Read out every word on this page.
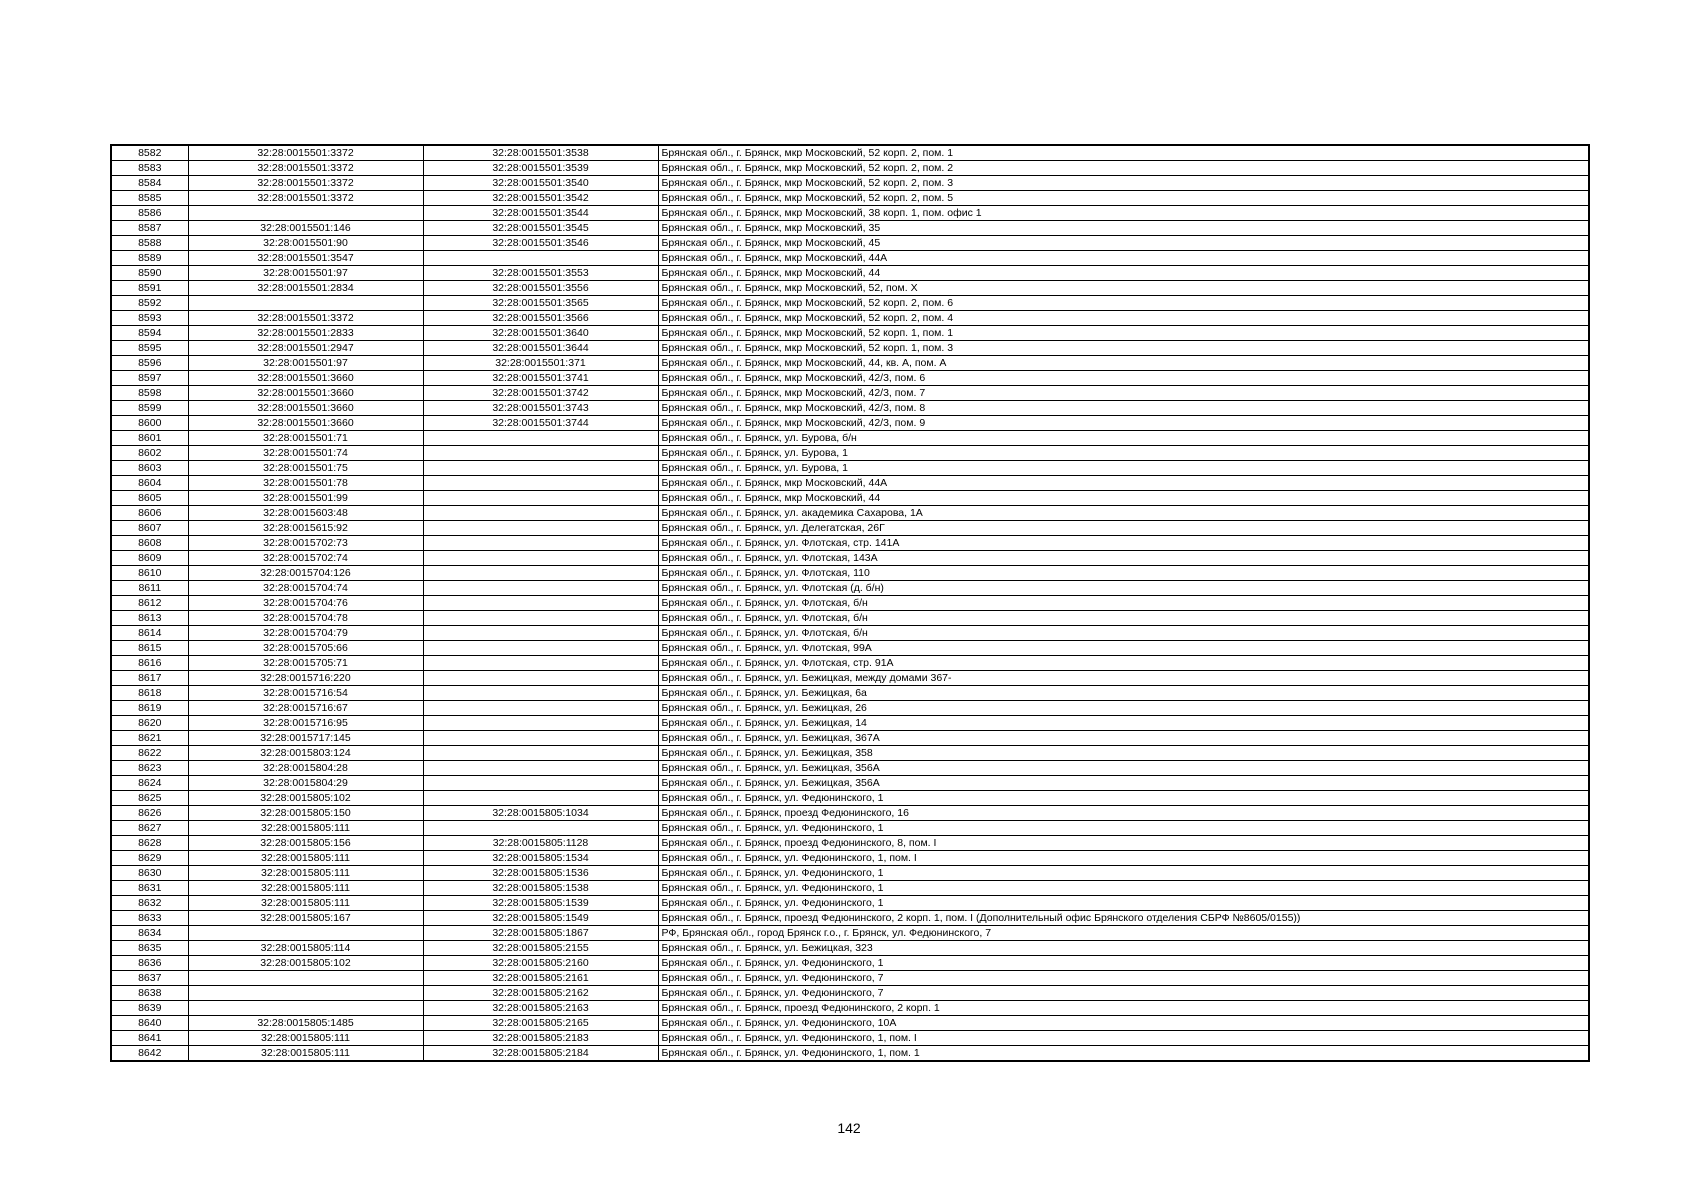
8582	32:28:0015501:3372	32:28:0015501:3538	Брянская обл., г. Брянск, мкр Московский, 52 корп. 2, пом. 1
8583	32:28:0015501:3372	32:28:0015501:3539	Брянская обл., г. Брянск, мкр Московский, 52 корп. 2, пом. 2
8584	32:28:0015501:3372	32:28:0015501:3540	Брянская обл., г. Брянск, мкр Московский, 52 корп. 2, пом. 3
8585	32:28:0015501:3372	32:28:0015501:3542	Брянская обл., г. Брянск, мкр Московский, 52 корп. 2, пом. 5
8586		32:28:0015501:3544	Брянская обл., г. Брянск, мкр Московский, 38 корп. 1, пом. офис 1
8587	32:28:0015501:146	32:28:0015501:3545	Брянская обл., г. Брянск, мкр Московский, 35
8588	32:28:0015501:90	32:28:0015501:3546	Брянская обл., г. Брянск, мкр Московский, 45
8589	32:28:0015501:3547		Брянская обл., г. Брянск, мкр Московский, 44А
8590	32:28:0015501:97	32:28:0015501:3553	Брянская обл., г. Брянск, мкр Московский, 44
8591	32:28:0015501:2834	32:28:0015501:3556	Брянская обл., г. Брянск, мкр Московский, 52, пом. X
8592		32:28:0015501:3565	Брянская обл., г. Брянск, мкр Московский, 52 корп. 2, пом. 6
8593	32:28:0015501:3372	32:28:0015501:3566	Брянская обл., г. Брянск, мкр Московский, 52 корп. 2, пом. 4
8594	32:28:0015501:2833	32:28:0015501:3640	Брянская обл., г. Брянск, мкр Московский, 52 корп. 1, пом. 1
8595	32:28:0015501:2947	32:28:0015501:3644	Брянская обл., г. Брянск, мкр Московский, 52 корп. 1, пом. 3
8596	32:28:0015501:97	32:28:0015501:371	Брянская обл., г. Брянск, мкр Московский, 44, кв. А, пом. А
8597	32:28:0015501:3660	32:28:0015501:3741	Брянская обл., г. Брянск, мкр Московский, 42/3, пом. 6
8598	32:28:0015501:3660	32:28:0015501:3742	Брянская обл., г. Брянск, мкр Московский, 42/3, пом. 7
8599	32:28:0015501:3660	32:28:0015501:3743	Брянская обл., г. Брянск, мкр Московский, 42/3, пом. 8
8600	32:28:0015501:3660	32:28:0015501:3744	Брянская обл., г. Брянск, мкр Московский, 42/3, пом. 9
8601	32:28:0015501:71		Брянская обл., г. Брянск, ул. Бурова, б/н
8602	32:28:0015501:74		Брянская обл., г. Брянск, ул. Бурова, 1
8603	32:28:0015501:75		Брянская обл., г. Брянск, ул. Бурова, 1
8604	32:28:0015501:78		Брянская обл., г. Брянск, мкр Московский, 44А
8605	32:28:0015501:99		Брянская обл., г. Брянск, мкр Московский, 44
8606	32:28:0015603:48		Брянская обл., г. Брянск, ул. академика Сахарова, 1А
8607	32:28:0015615:92		Брянская обл., г. Брянск, ул. Делегатская, 26Г
8608	32:28:0015702:73		Брянская обл., г. Брянск, ул. Флотская, стр. 141А
8609	32:28:0015702:74		Брянская обл., г. Брянск, ул. Флотская, 143А
8610	32:28:0015704:126		Брянская обл., г. Брянск, ул. Флотская, 110
8611	32:28:0015704:74		Брянская обл., г. Брянск, ул. Флотская (д. б/н)
8612	32:28:0015704:76		Брянская обл., г. Брянск, ул. Флотская, б/н
8613	32:28:0015704:78		Брянская обл., г. Брянск, ул. Флотская, б/н
8614	32:28:0015704:79		Брянская обл., г. Брянск, ул. Флотская, б/н
8615	32:28:0015705:66		Брянская обл., г. Брянск, ул. Флотская, 99А
8616	32:28:0015705:71		Брянская обл., г. Брянск, ул. Флотская, стр. 91А
8617	32:28:0015716:220		Брянская обл., г. Брянск, ул. Бежицкая, между домами 367-
8618	32:28:0015716:54		Брянская обл., г. Брянск, ул. Бежицкая, 6а
8619	32:28:0015716:67		Брянская обл., г. Брянск, ул. Бежицкая, 26
8620	32:28:0015716:95		Брянская обл., г. Брянск, ул. Бежицкая, 14
8621	32:28:0015717:145		Брянская обл., г. Брянск, ул. Бежицкая, 367А
8622	32:28:0015803:124		Брянская обл., г. Брянск, ул. Бежицкая, 358
8623	32:28:0015804:28		Брянская обл., г. Брянск, ул. Бежицкая, 356А
8624	32:28:0015804:29		Брянская обл., г. Брянск, ул. Бежицкая, 356А
8625	32:28:0015805:102		Брянская обл., г. Брянск, ул. Федюнинского, 1
8626	32:28:0015805:150	32:28:0015805:1034	Брянская обл., г. Брянск, проезд Федюнинского, 16
8627	32:28:0015805:111		Брянская обл., г. Брянск, ул. Федюнинского, 1
8628	32:28:0015805:156	32:28:0015805:1128	Брянская обл., г. Брянск, проезд Федюнинского, 8, пом. I
8629	32:28:0015805:111	32:28:0015805:1534	Брянская обл., г. Брянск, ул. Федюнинского, 1, пом. I
8630	32:28:0015805:111	32:28:0015805:1536	Брянская обл., г. Брянск, ул. Федюнинского, 1
8631	32:28:0015805:111	32:28:0015805:1538	Брянская обл., г. Брянск, ул. Федюнинского, 1
8632	32:28:0015805:111	32:28:0015805:1539	Брянская обл., г. Брянск, ул. Федюнинского, 1
8633	32:28:0015805:167	32:28:0015805:1549	Брянская обл., г. Брянск, проезд Федюнинского, 2 корп. 1, пом. I (Дополнительный офис Брянского отделения СБРФ №8605/0155))
8634		32:28:0015805:1867	РФ, Брянская обл., город Брянск г.о., г. Брянск, ул. Федюнинского, 7
8635	32:28:0015805:114	32:28:0015805:2155	Брянская обл., г. Брянск, ул. Бежицкая, 323
8636	32:28:0015805:102	32:28:0015805:2160	Брянская обл., г. Брянск, ул. Федюнинского, 1
8637		32:28:0015805:2161	Брянская обл., г. Брянск, ул. Федюнинского, 7
8638		32:28:0015805:2162	Брянская обл., г. Брянск, ул. Федюнинского, 7
8639		32:28:0015805:2163	Брянская обл., г. Брянск, проезд Федюнинского, 2 корп. 1
8640	32:28:0015805:1485	32:28:0015805:2165	Брянская обл., г. Брянск, ул. Федюнинского, 10А
8641	32:28:0015805:111	32:28:0015805:2183	Брянская обл., г. Брянск, ул. Федюнинского, 1, пом. I
8642	32:28:0015805:111	32:28:0015805:2184	Брянская обл., г. Брянск, ул. Федюнинского, 1, пом. 1
142
